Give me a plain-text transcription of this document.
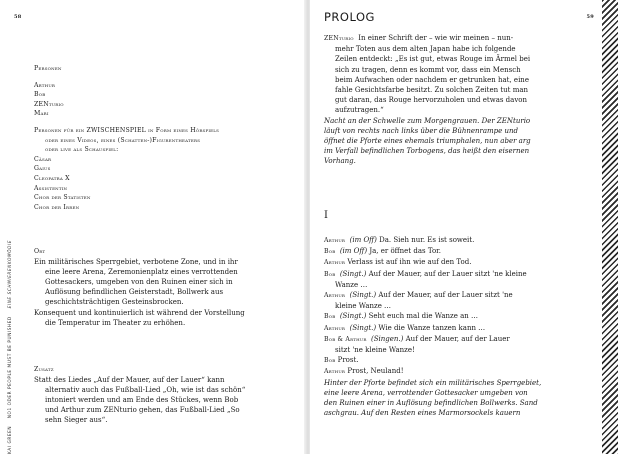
58
KAI GREEN    NO1 ODER PEOPLE MUST BE PUNISHED    EINE SCHMIERENKOMÖDIE

Personen

Arthur

Bob

ZENturio

Mari

Personen für ein ZWISCHENSPIEL in Form eines Hörspiels

oder eines Videos, eines (Schatten-)Figurentheaters

oder live als Schauspiel:

Cäsar

Gaius

Cleopatra X

Assistentin

Chor der Statisten

Chor der Irren

Ort

Ein militärisches Sperrgebiet, verbotene Zone, und in ihr

eine leere Arena, Zeremonienplatz eines verrottenden

Gottesackers, umgeben von den Ruinen einer sich in

Auflösung befindlichen Geisterstadt, Bollwerk aus

geschichtsträchtigen Gesteinsbrocken.

Konsequent und kontinuierlich ist während der Vorstellung

die Temperatur im Theater zu erhöhen.

Zusatz

Statt des Liedes „Auf der Mauer, auf der Lauer“ kann

alternativ auch das Fußball-Lied „Oh, wie ist das schön“

intoniert werden und am Ende des Stückes, wenn Bob

und Arthur zum ZENturio gehen, das Fußball-Lied „So

sehn Sieger aus“.

PROLOG	59

ZENturio In einer Schrift der – wie wir meinen – nun-

mehr Toten aus dem alten Japan habe ich folgende

Zeilen entdeckt: „Es ist gut, etwas Rouge im Ärmel bei

sich zu tragen, denn es kommt vor, dass ein Mensch

beim Aufwachen oder nachdem er getrunken hat, eine

fahle Gesichtsfarbe besitzt. Zu solchen Zeiten tut man

gut daran, das Rouge hervorzuholen und etwas davon

aufzutragen.“

Nacht an der Schwelle zum Morgengrauen. Der ZENturio

läuft von rechts nach links über die Bühnenrampe und

öffnet die Pforte eines ehemals triumphalen, nun aber arg

im Verfall befindlichen Torbogens, das heißt den eisernen

Vorhang.

I

Arthur (im Off) Da. Sieh nur. Es ist soweit.

Bob (im Off) Ja, er öffnet das Tor.

Arthur Verlass ist auf ihn wie auf den Tod.

Bob (Singt.) Auf der Mauer, auf der Lauer sitzt 'ne kleine

Wanze …

Arthur (Singt.) Auf der Mauer, auf der Lauer sitzt 'ne

kleine Wanze …

Bob (Singt.) Seht euch mal die Wanze an …

Arthur (Singt.) Wie die Wanze tanzen kann …

Bob & Arthur (Singen.) Auf der Mauer, auf der Lauer

sitzt 'ne kleine Wanze!

Bob Prost.

Arthur Prost, Neuland!

Hinter der Pforte befindet sich ein militärisches Sperrgebiet,

eine leere Arena, verrottender Gottesacker umgeben von

den Ruinen einer in Auflösung befindlichen Bollwerks. Sand

aschgrau. Auf den Resten eines Marmorsockels kauern
